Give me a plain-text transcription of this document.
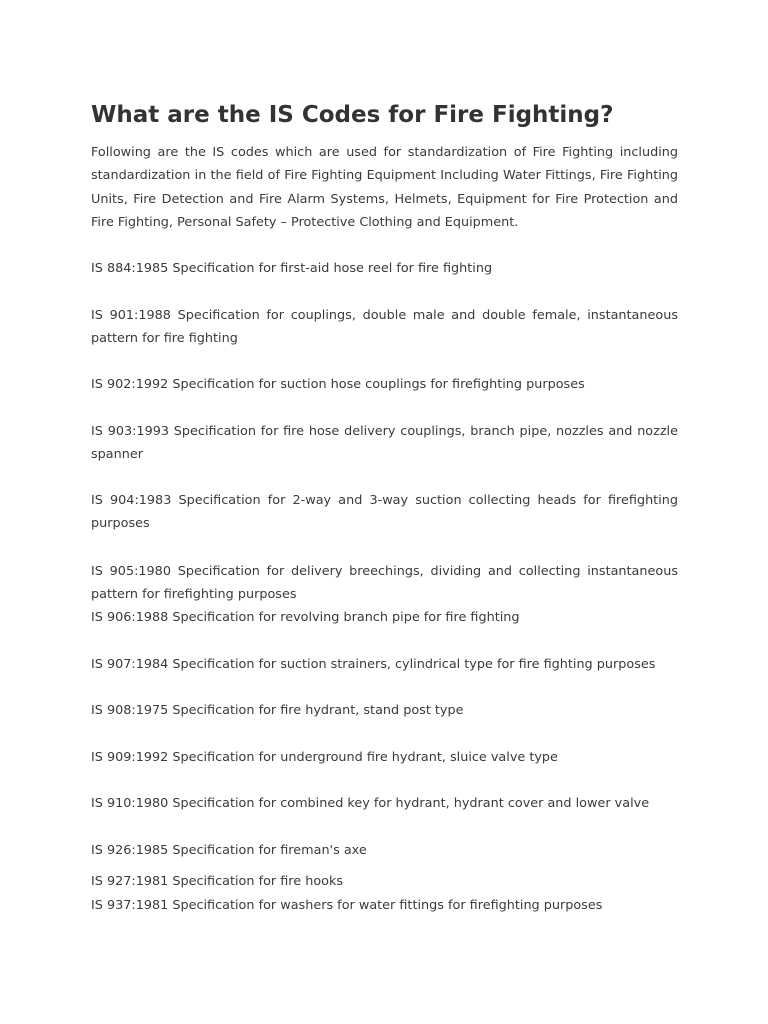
What are the IS Codes for Fire Fighting?

Following are the IS codes which are used for standardization of Fire Fighting including standardization in the field of Fire Fighting Equipment Including Water Fittings, Fire Fighting Units, Fire Detection and Fire Alarm Systems, Helmets, Equipment for Fire Protection and Fire Fighting, Personal Safety – Protective Clothing and Equipment.

IS 884:1985 Specification for first-aid hose reel for fire fighting

IS 901:1988 Specification for couplings, double male and double female, instantaneous pattern for fire fighting

IS 902:1992 Specification for suction hose couplings for firefighting purposes

IS 903:1993 Specification for fire hose delivery couplings, branch pipe, nozzles and nozzle spanner

IS 904:1983 Specification for 2-way and 3-way suction collecting heads for firefighting purposes

IS 905:1980 Specification for delivery breechings, dividing and collecting instantaneous pattern for firefighting purposes

IS 906:1988 Specification for revolving branch pipe for fire fighting

IS 907:1984 Specification for suction strainers, cylindrical type for fire fighting purposes

IS 908:1975 Specification for fire hydrant, stand post type

IS 909:1992 Specification for underground fire hydrant, sluice valve type

IS 910:1980 Specification for combined key for hydrant, hydrant cover and lower valve

IS 926:1985 Specification for fireman's axe

IS 927:1981 Specification for fire hooks

IS 937:1981 Specification for washers for water fittings for firefighting purposes
